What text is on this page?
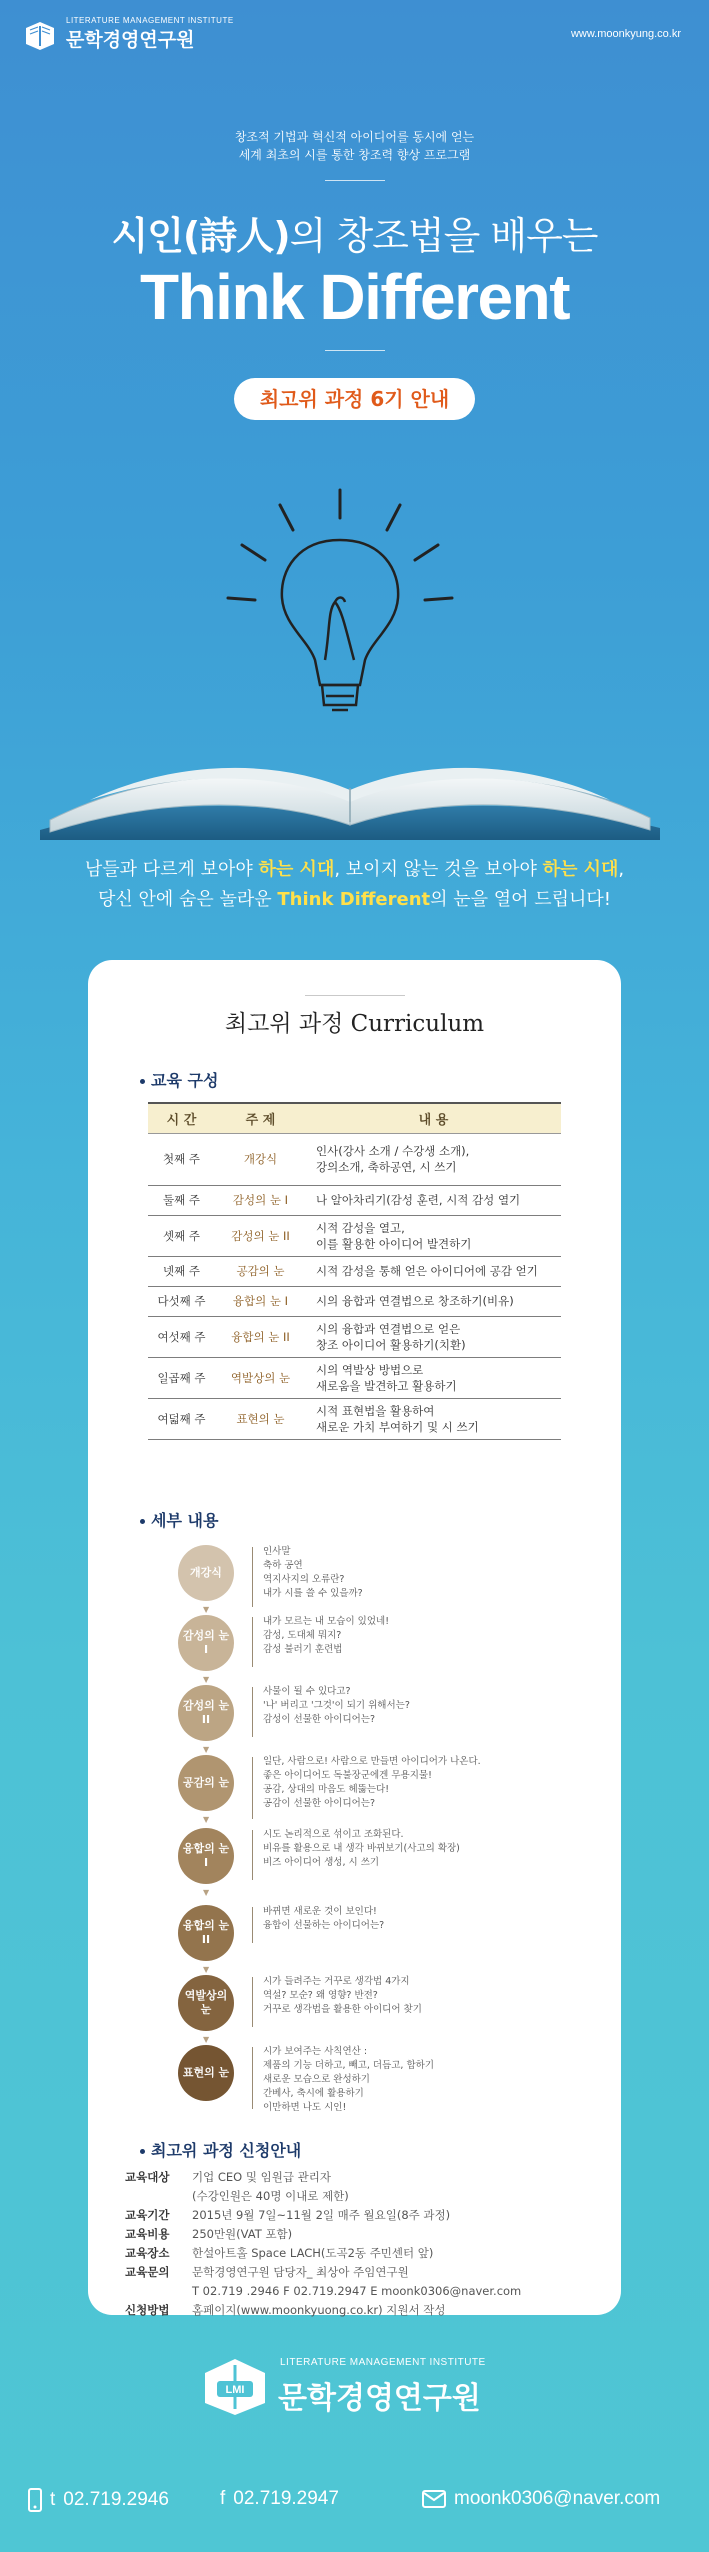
LITERATURE MANAGEMENT INSTITUTE
문학경영연구원	www.moonkyung.co.kr
창조적 기법과 혁신적 아이디어를 동시에 얻는
세계 최초의 시를 통한 창조력 향상 프로그램
시인(詩人)의 창조법을 배우는
Think Different
최고위 과정 6기 안내
남들과 다르게 보아야 하는 시대, 보이지 않는 것을 보아야 하는 시대,
당신 안에 숨은 놀라운 Think Different의 눈을 열어 드립니다!
최고위 과정 Curriculum
교육 구성
시 간	주 제	내 용
첫째 주	개강식	인사(강사 소개 / 수강생 소개),
강의소개, 축하공연, 시 쓰기
둘째 주	감성의 눈 I	나 알아차리기(감성 훈련, 시적 감성 열기
셋째 주	감성의 눈 II	시적 감성을 열고,
이를 활용한 아이디어 발견하기
넷째 주	공감의 눈	시적 감성을 통해 얻은 아이디어에 공감 얻기
다섯째 주	융합의 눈 I	시의 융합과 연결법으로 창조하기(비유)
여섯째 주	융합의 눈 II	시의 융합과 연결법으로 얻은
창조 아이디어 활용하기(치환)
일곱째 주	역발상의 눈	시의 역발상 방법으로
새로움을 발견하고 활용하기
여덟째 주	표현의 눈	시적 표현법을 활용하여
새로운 가치 부여하기 및 시 쓰기
세부 내용
개강식
인사말
축하 공연
역지사지의 오류란?
내가 시를 쓸 수 있을까?
▼
감성의 눈
I
내가 모르는 내 모습이 있었네!
감성, 도대체 뭐지?
감성 불러기 훈련법
▼
감성의 눈
II
사물이 될 수 있다고?
'나' 버리고 '그것'이 되기 위해서는?
감성이 선물한 아이디어는?
▼
공감의 눈
일단, 사람으로! 사람으로 만들면 아이디어가 나온다.
좋은 아이디어도 독불장군에겐 무용지물!
공감, 상대의 마음도 헤뚫는다!
공감이 선물한 아이디어는?
▼
융합의 눈
I
시도 논리적으로 섞이고 조화된다.
비유를 활용으로 내 생각 바뀌보기(사고의 확장)
비즈 아이디어 생성, 시 쓰기
▼
융합의 눈
II
바뀌면 새로운 것이 보인다!
융합이 선물하는 아이디어는?
▼
역발상의 눈
시가 들려주는 거꾸로 생각법 4가지
역설? 모순? 왜 영향? 반전?
거꾸로 생각법을 활용한 아이디어 찾기
▼
표현의 눈
시가 보여주는 사칙연산 :
제품의 기능 더하고, 빼고, 더듬고, 합하기
새로운 모습으로 완성하기
간베사, 축시에 활용하기
이만하면 나도 시인!
최고위 과정 신청안내
교육대상	기업 CEO 및 임원급 관리자
(수강인원은 40명 이내로 제한)
교육기간	2015년 9월 7일~11월 2일 매주 월요일(8주 과정)
교육비용	250만원(VAT 포함)
교육장소	한설아트홀 Space LACH(도곡2동 주민센터 앞)
교육문의	문학경영연구원 담당자_ 최상아 주임연구원
T 02.719 .2946 F 02.719.2947 E moonk0306@naver.com
신청방법	홈페이지(www.moonkyuong.co.kr) 지원서 작성
LMI
LITERATURE MANAGEMENT INSTITUTE
문학경영연구원
t 02.719.2946	f 02.719.2947	moonk0306@naver.com
